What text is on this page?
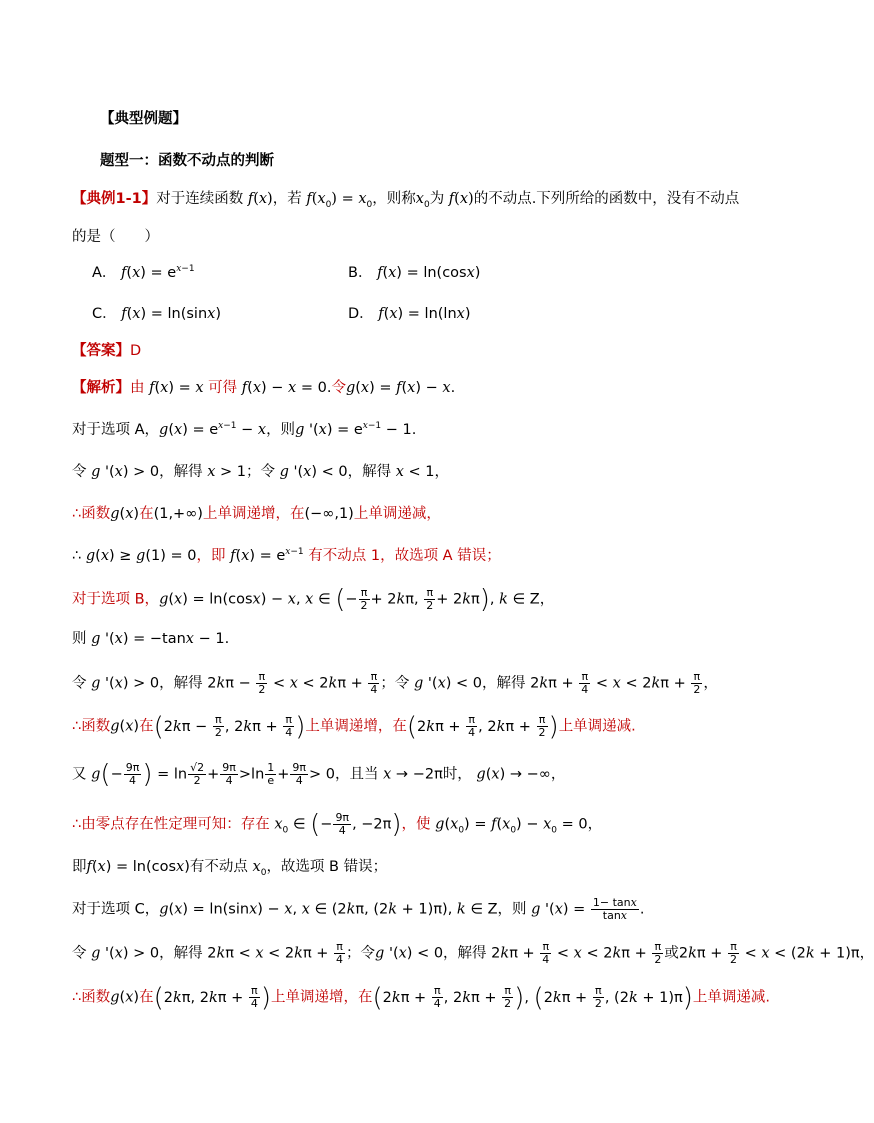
【典型例题】
题型一：函数不动点的判断
【典例1-1】对于连续函数 f(x)，若 $f(x_0) = x_0$，则称$x_0$为 f(x)的不动点.下列所给的函数中，没有不动点
的是（　　）
A． $f(x) = e^{x-1}$	B． f(x) = ln(cosx)
C． f(x) = ln(sinx)	D． f(x) = ln(lnx)
【答案】D
【解析】由 f(x) = x 可得 f(x) − x = 0.令g(x) = f(x) − x.
对于选项 A，$g(x) = e^{x-1} - x$，则g '$(x) = e^{x-1} - 1$.
令 g '(x) > 0，解得 x > 1；令 g '(x) < 0，解得 x < 1，
∴函数g(x)在(1,+∞)上单调递增，在(−∞,1)上单调递减，
∴ g(x) ≥ g(1) = 0，即 $f(x) = e^{x-1}$ 有不动点 1，故选项 A 错误；
对于选项 B，g(x) = ln(cosx) − x, x ∈ (− $\frac{\pi}{2} + 2k\pi$, $\frac{\pi}{2} + 2k\pi$), k ∈ Z，
则 g '(x) = −tanx − 1.
令 g '(x) > 0，解得 $2k\pi - \frac{\pi}{2} < x < 2k\pi + \frac{\pi}{4}$ ；令 g '(x) < 0，解得 $2k\pi + \frac{\pi}{4} < x < 2k\pi + \frac{\pi}{2}$ ，
∴函数g(x)在($2k\pi - \frac{\pi}{2}$ , $2k\pi + \frac{\pi}{4}$ )上单调递增，在($2k\pi + \frac{\pi}{4}$ , $2k\pi + \frac{\pi}{2}$ )上单调递减.
又 $g(- \frac{9\pi}{4}$ ) = $\ln \frac{√2}{2} + \frac{9\pi}{4} >\ln \frac{1}{e} + \frac{9\pi}{4} > 0$，且当 x → −2π时， g(x) → −∞，
∴由零点存在性定理可知：存在 $x_0$ ∈ (− $\frac{9\pi}{4}$ , −2π)，使 $g(x_0) = f(x_0) - x_0 = 0$，
即f(x) = ln(cosx)有不动点 $x_0$，故选项 B 错误；
对于选项 C，g(x) = ln(sinx) − x, x ∈ (2kπ, (2k + 1)π), k ∈ Z，则 g '$(x) = \frac{1- \tan x}{\tan x}$ .
令 g '(x) > 0，解得 $2k\pi < x < 2k\pi + \frac{\pi}{4}$ ；令g '(x) < 0，解得 $2k\pi + \frac{\pi}{4} < x < 2k\pi + \frac{\pi}{2}$ 或$2k\pi + \frac{\pi}{2} < x < (2k + 1)\pi$，
∴函数g(x)在(2kπ, $2k\pi + \frac{\pi}{4}$ )上单调递增，在($2k\pi + \frac{\pi}{4}$ , $2k\pi + \frac{\pi}{2}$ ), ($2k\pi + \frac{\pi}{2}$ , (2k + 1)π)上单调递减.
